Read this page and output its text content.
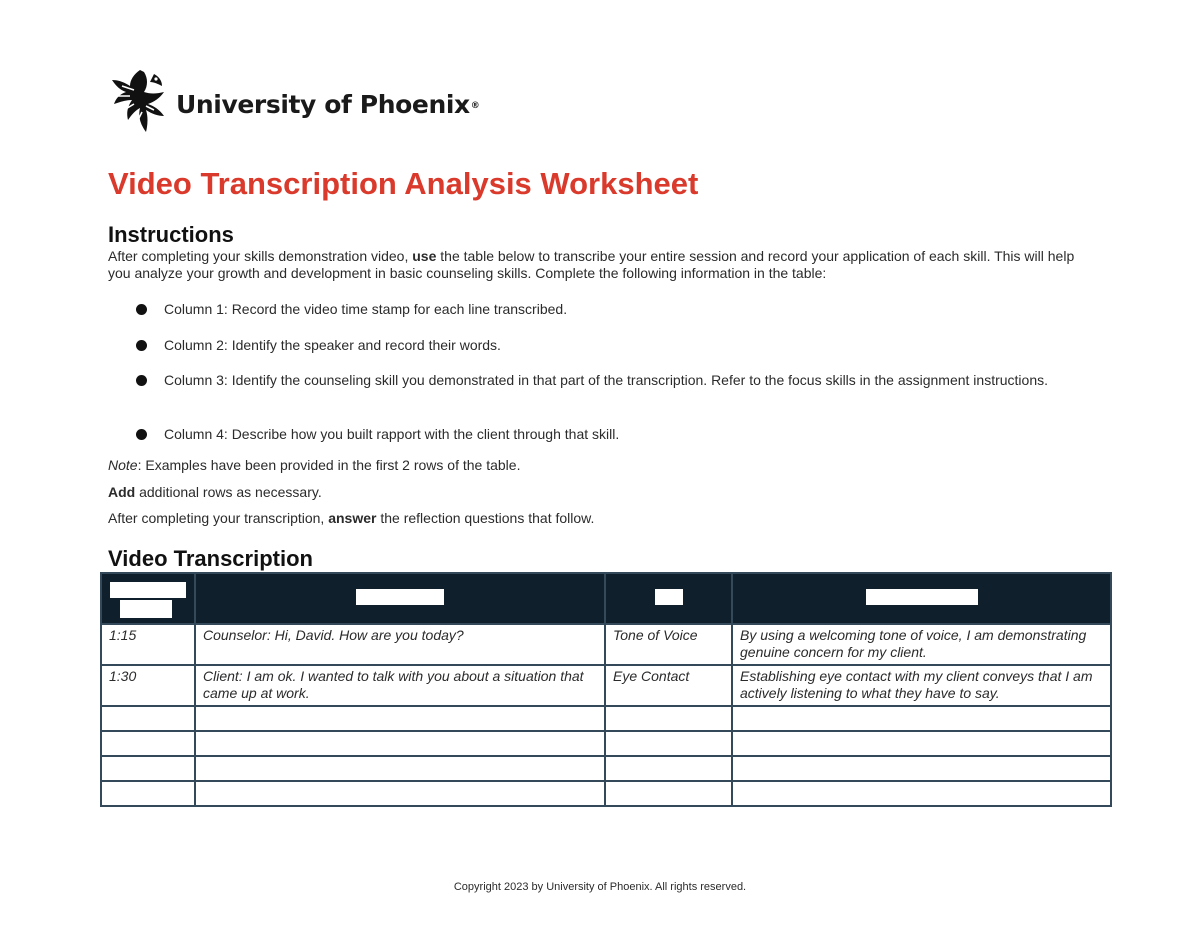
University of Phoenix®
Video Transcription Analysis Worksheet
Instructions

After completing your skills demonstration video, use the table below to transcribe your entire session and record your application of each skill. This will help you analyze your growth and development in basic counseling skills. Complete the following information in the table:

Column 1: Record the video time stamp for each line transcribed.
Column 2: Identify the speaker and record their words.
Column 3: Identify the counseling skill you demonstrated in that part of the transcription. Refer to the focus skills in the assignment instructions.
Column 4: Describe how you built rapport with the client through that skill.

Note: Examples have been provided in the first 2 rows of the table.

Add additional rows as necessary.

After completing your transcription, answer the reflection questions that follow.

Video Transcription

1:15	Counselor: Hi, David. How are you today?	Tone of Voice	By using a welcoming tone of voice, I am demonstrating genuine concern for my client.
1:30	Client: I am ok. I wanted to talk with you about a situation that came up at work.	Eye Contact	Establishing eye contact with my client conveys that I am actively listening to what they have to say.

Copyright 2023 by University of Phoenix. All rights reserved.
